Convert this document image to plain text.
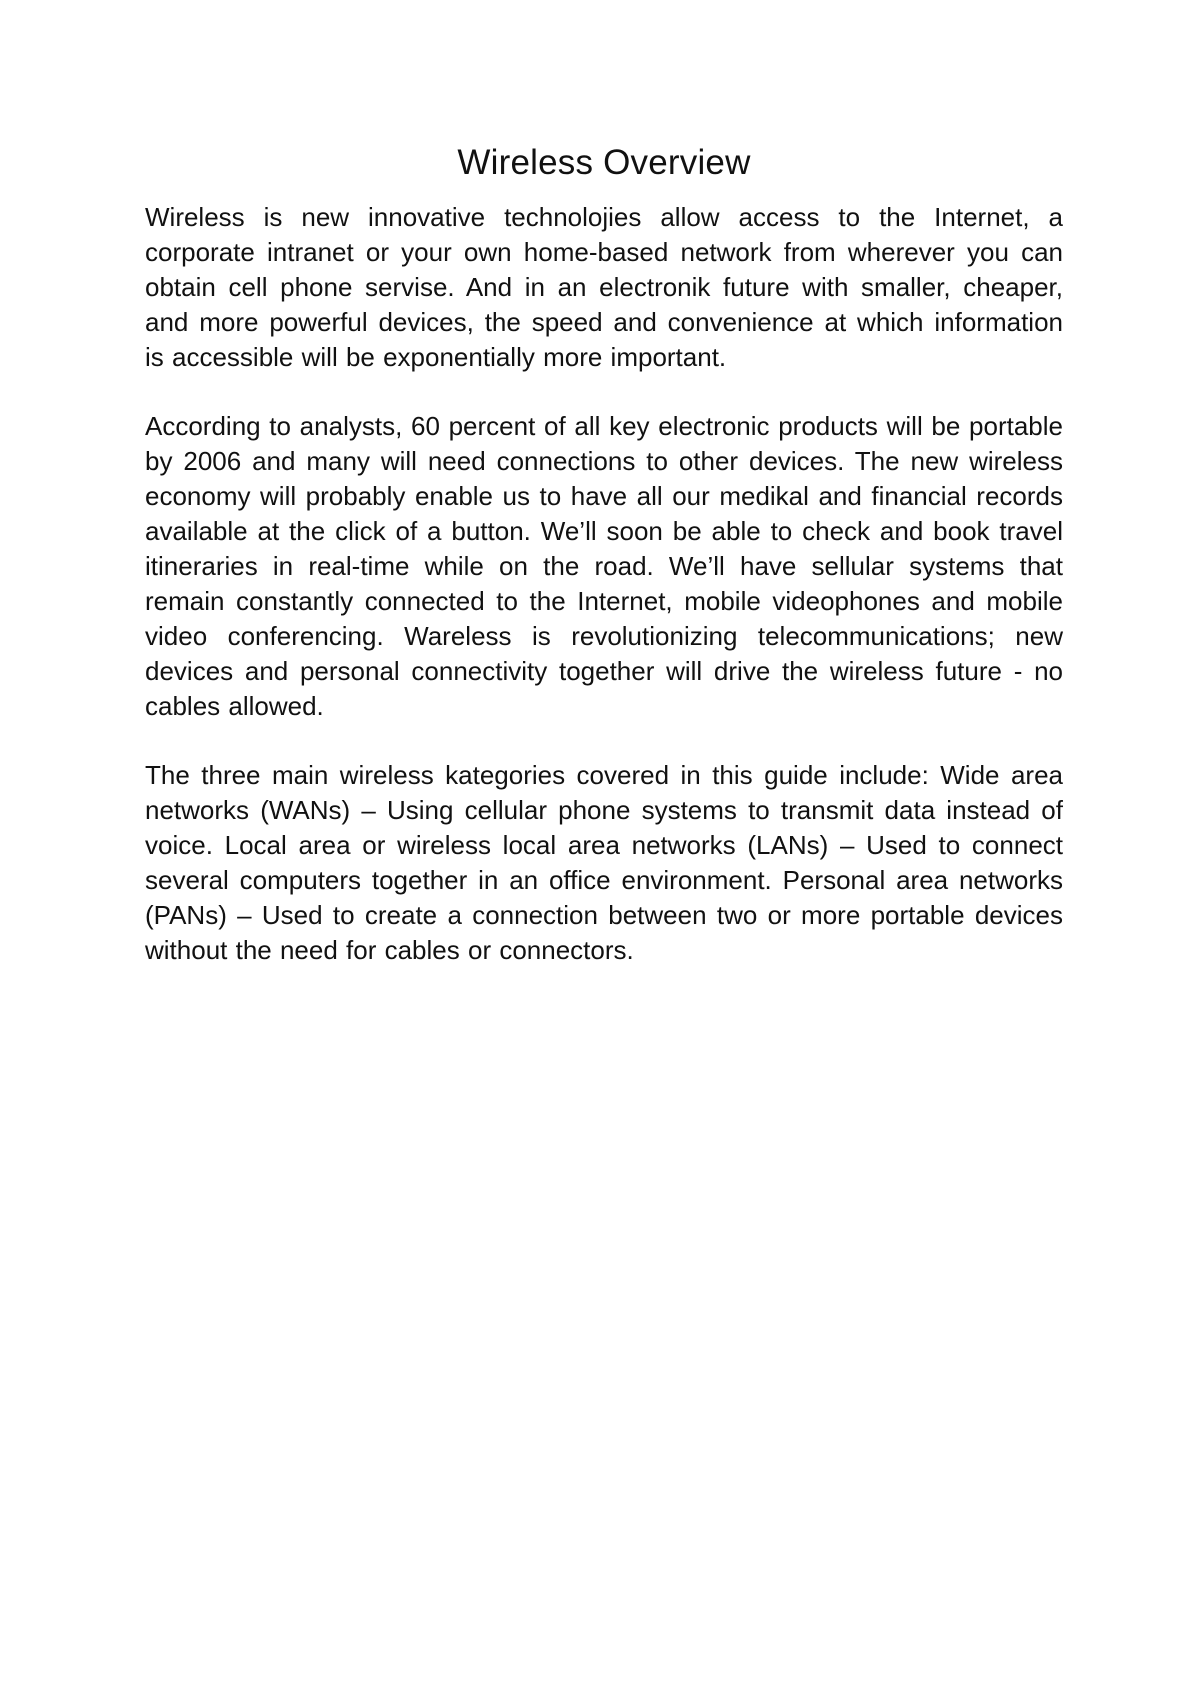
Wireless Overview

Wireless is new innovative technolojies allow access to the Internet, a corporate intranet or your own home-based network from wherever you can obtain cell phone servise. And in an electronik future with smaller, cheaper, and more powerful devices, the speed and convenience at which information is accessible will be exponentially more important.

According to analysts, 60 percent of all key electronic products will be portable by 2006 and many will need connections to other devices. The new wireless economy will probably enable us to have all our medikal and financial records available at the click of a button. We’ll soon be able to check and book travel itineraries in real-time while on the road. We’ll have sellular systems that remain constantly connected to the Internet, mobile videophones and mobile video conferencing. Wareless is revolutionizing telecommunications; new devices and personal connectivity together will drive the wireless future - no cables allowed.

The three main wireless kategories covered in this guide include: Wide area networks (WANs) – Using cellular phone systems to transmit data instead of voice. Local area or wireless local area networks (LANs) – Used to connect several computers together in an office environment. Personal area networks (PANs) – Used to create a connection between two or more portable devices without the need for cables or connectors.
